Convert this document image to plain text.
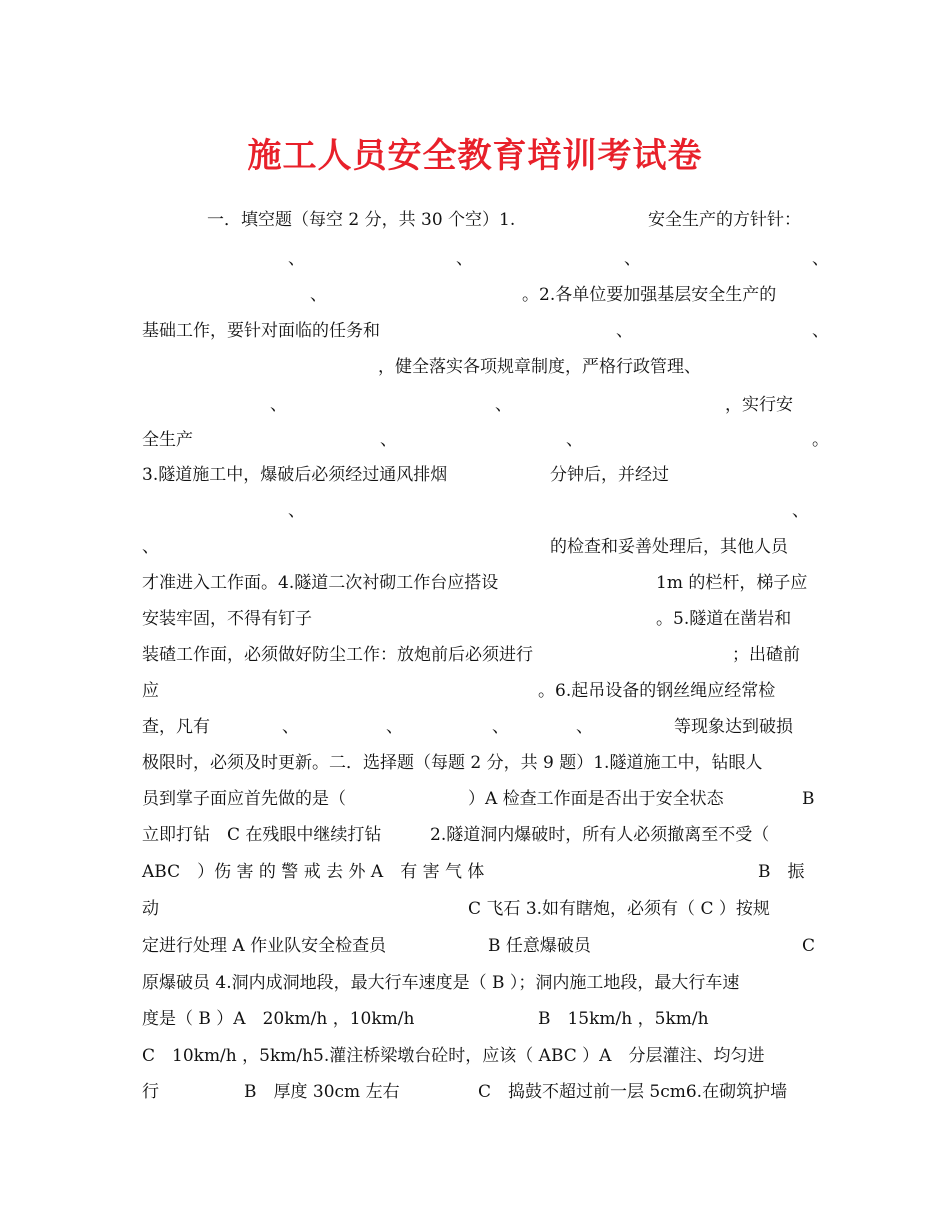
施工人员安全教育培训考试卷
一．填空题（每空 2 分，共 30 个空）1.	安全生产的方针针：
、	、	、	、
、	。2.各单位要加强基层安全生产的
基础工作，要针对面临的任务和	、	、
，健全落实各项规章制度，严格行政管理、
、	、	，实行安
全生产	、	、	。
3.隧道施工中，爆破后必须经过通风排烟	分钟后，并经过
、	、
、	的检查和妥善处理后，其他人员
才准进入工作面。4.隧道二次衬砌工作台应搭设	1m 的栏杆，梯子应
安装牢固，不得有钉子	。5.隧道在凿岩和
装碴工作面，必须做好防尘工作：放炮前后必须进行	；出碴前
应	。6.起吊设备的钢丝绳应经常检
查，凡有	、	、	、	、	等现象达到破损
极限时，必须及时更新。二．选择题（每题 2 分，共 9 题）1.隧道施工中，钻眼人
员到掌子面应首先做的是（	）A 检查工作面是否出于安全状态	B
立即打钻　C 在残眼中继续打钻	2.隧道洞内爆破时，所有人必须撤离至不受（
ABC　）伤 害 的 警 戒 去 外 A　有 害 气 体	B　振
动	C 飞石 3.如有瞎炮，必须有（ C ）按规
定进行处理 A 作业队安全检查员	B 任意爆破员	C
原爆破员 4.洞内成洞地段，最大行车速度是（ B ）；洞内施工地段，最大行车速
度是（ B ）A　20km/h ，10km/h	B　15km/h ，5km/h
C　10km/h ，5km/h5.灌注桥梁墩台砼时，应该（ ABC ）A　分层灌注、均匀进
行	B　厚度 30cm 左右	C　捣鼓不超过前一层 5cm6.在砌筑护墙
